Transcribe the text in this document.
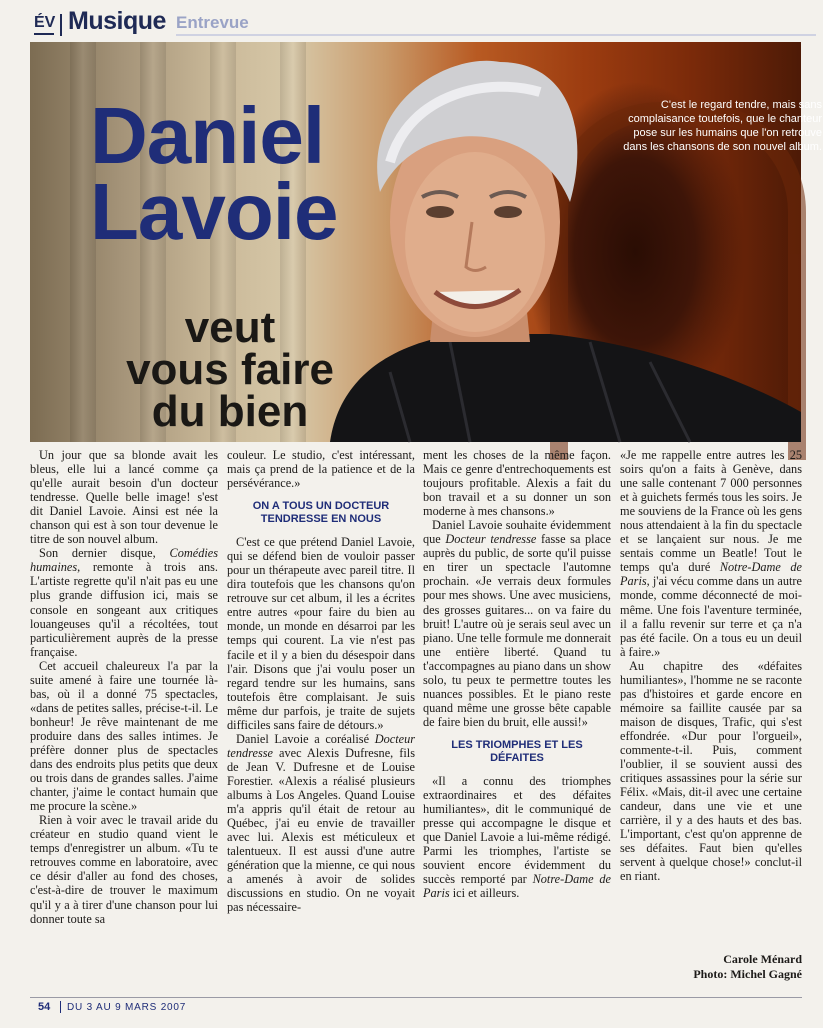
ÉV Musique Entrevue
Daniel
Lavoie
veut
vous faire
du bien
C'est le regard tendre, mais sans complaisance toutefois, que le chanteur pose sur les humains que l'on retrouve dans les chansons de son nouvel album.

Un jour que sa blonde avait les bleus, elle lui a lancé comme ça qu'elle aurait besoin d'un docteur tendresse. Quelle belle image! s'est dit Daniel Lavoie. Ainsi est née la chanson qui est à son tour devenue le titre de son nouvel album.

Son dernier disque, Comédies humaines, remonte à trois ans. L'artiste regrette qu'il n'ait pas eu une plus grande diffusion ici, mais se console en songeant aux critiques louangeuses qu'il a récoltées, tout particulièrement auprès de la presse française.

Cet accueil chaleureux l'a par la suite amené à faire une tournée là-bas, où il a donné 75 spectacles, «dans de petites salles, précise-t-il. Le bonheur! Je rêve maintenant de me produire dans des salles intimes. Je préfère donner plus de spectacles dans des endroits plus petits que deux ou trois dans de grandes salles. J'aime chanter, j'aime le contact humain que me procure la scène.»

Rien à voir avec le travail aride du créateur en studio quand vient le temps d'enregistrer un album. «Tu te retrouves comme en laboratoire, avec ce désir d'aller au fond des choses, c'est-à-dire de trouver le maximum qu'il y a à tirer d'une chanson pour lui donner toute sa

couleur. Le studio, c'est intéressant, mais ça prend de la patience et de la persévérance.»

ON A TOUS UN DOCTEUR TENDRESSE EN NOUS

C'est ce que prétend Daniel Lavoie, qui se défend bien de vouloir passer pour un thérapeute avec pareil titre. Il dira toutefois que les chansons qu'on retrouve sur cet album, il les a écrites entre autres «pour faire du bien au monde, un monde en désarroi par les temps qui courent. La vie n'est pas facile et il y a bien du désespoir dans l'air. Disons que j'ai voulu poser un regard tendre sur les humains, sans toutefois être complaisant. Je suis même dur parfois, je traite de sujets difficiles sans faire de détours.»

Daniel Lavoie a coréalisé Docteur tendresse avec Alexis Dufresne, fils de Jean V. Dufresne et de Louise Forestier. «Alexis a réalisé plusieurs albums à Los Angeles. Quand Louise m'a appris qu'il était de retour au Québec, j'ai eu envie de travailler avec lui. Alexis est méticuleux et talentueux. Il est aussi d'une autre génération que la mienne, ce qui nous a amenés à avoir de solides discussions en studio. On ne voyait pas nécessaire-

ment les choses de la même façon. Mais ce genre d'entrechoquements est toujours profitable. Alexis a fait du bon travail et a su donner un son moderne à mes chansons.»

Daniel Lavoie souhaite évidemment que Docteur tendresse fasse sa place auprès du public, de sorte qu'il puisse en tirer un spectacle l'automne prochain. «Je verrais deux formules pour mes shows. Une avec musiciens, des grosses guitares... on va faire du bruit! L'autre où je serais seul avec un piano. Une telle formule me donnerait une entière liberté. Quand tu t'accompagnes au piano dans un show solo, tu peux te permettre toutes les nuances possibles. Et le piano reste quand même une grosse bête capable de faire bien du bruit, elle aussi!»

LES TRIOMPHES ET LES DÉFAITES

«Il a connu des triomphes extraordinaires et des défaites humiliantes», dit le communiqué de presse qui accompagne le disque et que Daniel Lavoie a lui-même rédigé. Parmi les triomphes, l'artiste se souvient encore évidemment du succès remporté par Notre-Dame de Paris ici et ailleurs.

«Je me rappelle entre autres les 25 soirs qu'on a faits à Genève, dans une salle contenant 7 000 personnes et à guichets fermés tous les soirs. Je me souviens de la France où les gens nous attendaient à la fin du spectacle et se lançaient sur nous. Je me sentais comme un Beatle! Tout le temps qu'a duré Notre-Dame de Paris, j'ai vécu comme dans un autre monde, comme déconnecté de moi-même. Une fois l'aventure terminée, il a fallu revenir sur terre et ça n'a pas été facile. On a tous eu un deuil à faire.»

Au chapitre des «défaites humiliantes», l'homme ne se raconte pas d'histoires et garde encore en mémoire sa faillite causée par sa maison de disques, Trafic, qui s'est effondrée. «Dur pour l'orgueil», commente-t-il. Puis, comment l'oublier, il se souvient aussi des critiques assassines pour la série sur Félix. «Mais, dit-il avec une certaine candeur, dans une vie et une carrière, il y a des hauts et des bas. L'important, c'est qu'on apprenne de ses défaites. Faut bien qu'elles servent à quelque chose!» conclut-il en riant.

Carole Ménard
Photo: Michel Gagné
54 DU 3 AU 9 MARS 2007
